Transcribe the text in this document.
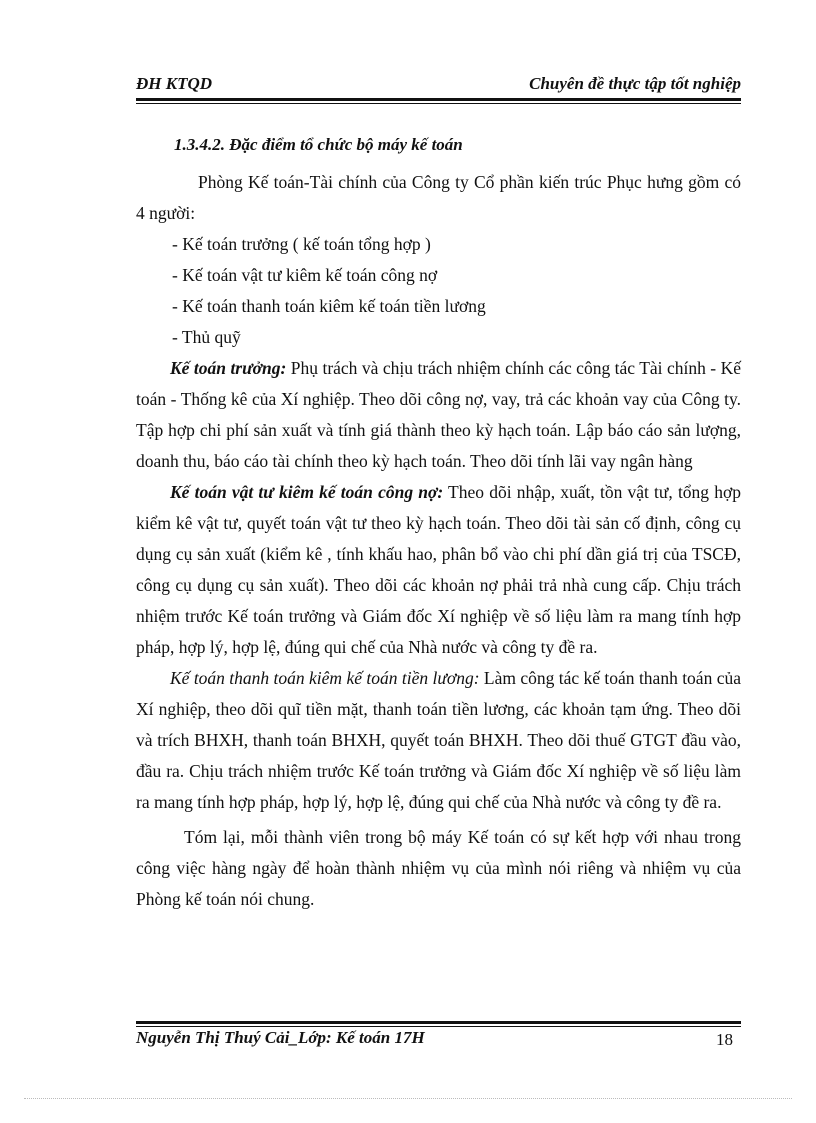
ĐH KTQD	Chuyên đề thực tập tốt nghiệp
1.3.4.2. Đặc điểm tổ chức bộ máy kế toán

Phòng Kế toán-Tài chính của Công ty Cổ phần kiến trúc Phục hưng gồm có 4 người:

- Kế toán trưởng ( kế toán tổng hợp )

- Kế toán vật tư kiêm kế toán công nợ

- Kế toán thanh toán kiêm kế toán tiền lương

- Thủ quỹ

Kế toán trưởng: Phụ trách và chịu trách nhiệm chính các công tác Tài chính - Kế toán - Thống kê của Xí nghiệp. Theo dõi công nợ, vay, trả các khoản vay của Công ty. Tập hợp chi phí sản xuất và tính giá thành theo kỳ hạch toán. Lập báo cáo sản lượng, doanh thu, báo cáo tài chính theo kỳ hạch toán. Theo dõi tính lãi vay ngân hàng

Kế toán vật tư kiêm kế toán công nợ: Theo dõi nhập, xuất, tồn vật tư, tổng hợp kiểm kê vật tư, quyết toán vật tư theo kỳ hạch toán. Theo dõi tài sản cố định, công cụ dụng cụ sản xuất (kiểm kê , tính khấu hao, phân bổ vào chi phí dần giá trị của TSCĐ, công cụ dụng cụ sản xuất). Theo dõi các khoản nợ phải trả nhà cung cấp. Chịu trách nhiệm trước Kế toán trưởng và Giám đốc Xí nghiệp về số liệu làm ra mang tính hợp pháp, hợp lý, hợp lệ, đúng qui chế của Nhà nước và công ty đề ra.

Kế toán thanh toán kiêm kế toán tiền lương: Làm công tác kế toán thanh toán của Xí nghiệp, theo dõi quĩ tiền mặt, thanh toán tiền lương, các khoản tạm ứng. Theo dõi và trích BHXH, thanh toán BHXH, quyết toán BHXH. Theo dõi thuế GTGT đầu vào, đầu ra. Chịu trách nhiệm trước Kế toán trưởng và Giám đốc Xí nghiệp về số liệu làm ra mang tính hợp pháp, hợp lý, hợp lệ, đúng qui chế của Nhà nước và công ty đề ra.

Tóm lại, mỗi thành viên trong bộ máy Kế toán có sự kết hợp với nhau trong công việc hàng ngày để hoàn thành nhiệm vụ của mình nói riêng và nhiệm vụ của Phòng kế toán nói chung.

Nguyễn Thị Thuý Cải_Lớp: Kế toán 17H	18
